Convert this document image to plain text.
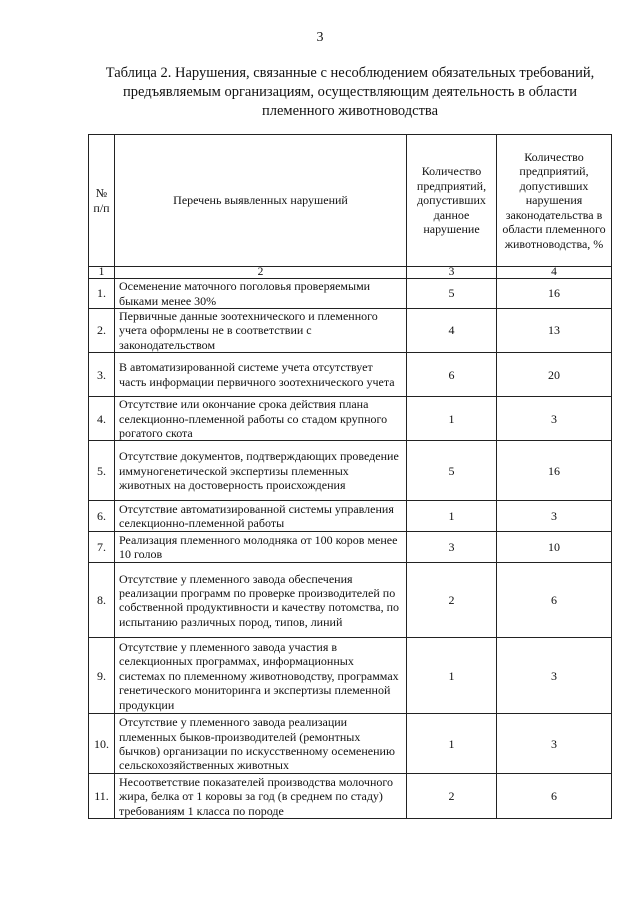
3
Таблица 2. Нарушения, связанные с несоблюдением обязательных требований, предъявляемым организациям, осуществляющим деятельность в области племенного животноводства
№ п/п	Перечень выявленных нарушений	Количество предприятий, допустивших данное нарушение	Количество предприятий, допустивших нарушения законодательства в области племенного животноводства, %
1	2	3	4
1.	Осеменение маточного поголовья проверяемыми быками менее 30%	5	16
2.	Первичные данные зоотехнического и племенного учета оформлены не в соответствии с законодательством	4	13
3.	В автоматизированной системе учета отсутствует часть информации первичного зоотехнического учета	6	20
4.	Отсутствие или окончание срока действия плана селекционно-племенной работы со стадом крупного рогатого скота	1	3
5.	Отсутствие документов, подтверждающих проведение иммуногенетической экспертизы племенных животных на достоверность происхождения	5	16
6.	Отсутствие автоматизированной системы управления селекционно-племенной работы	1	3
7.	Реализация племенного молодняка от 100 коров менее 10 голов	3	10
8.	Отсутствие у племенного завода обеспечения реализации программ по проверке производителей по собственной продуктивности и качеству потомства, по испытанию различных пород, типов, линий	2	6
9.	Отсутствие у племенного завода участия в селекционных программах, информационных системах по племенному животноводству, программах генетического мониторинга и экспертизы племенной продукции	1	3
10.	Отсутствие у племенного завода реализации племенных быков-производителей (ремонтных бычков) организации по искусственному осеменению сельскохозяйственных животных	1	3
11.	Несоответствие показателей производства молочного жира, белка от 1 коровы за год (в среднем по стаду) требованиям 1 класса по породе	2	6
